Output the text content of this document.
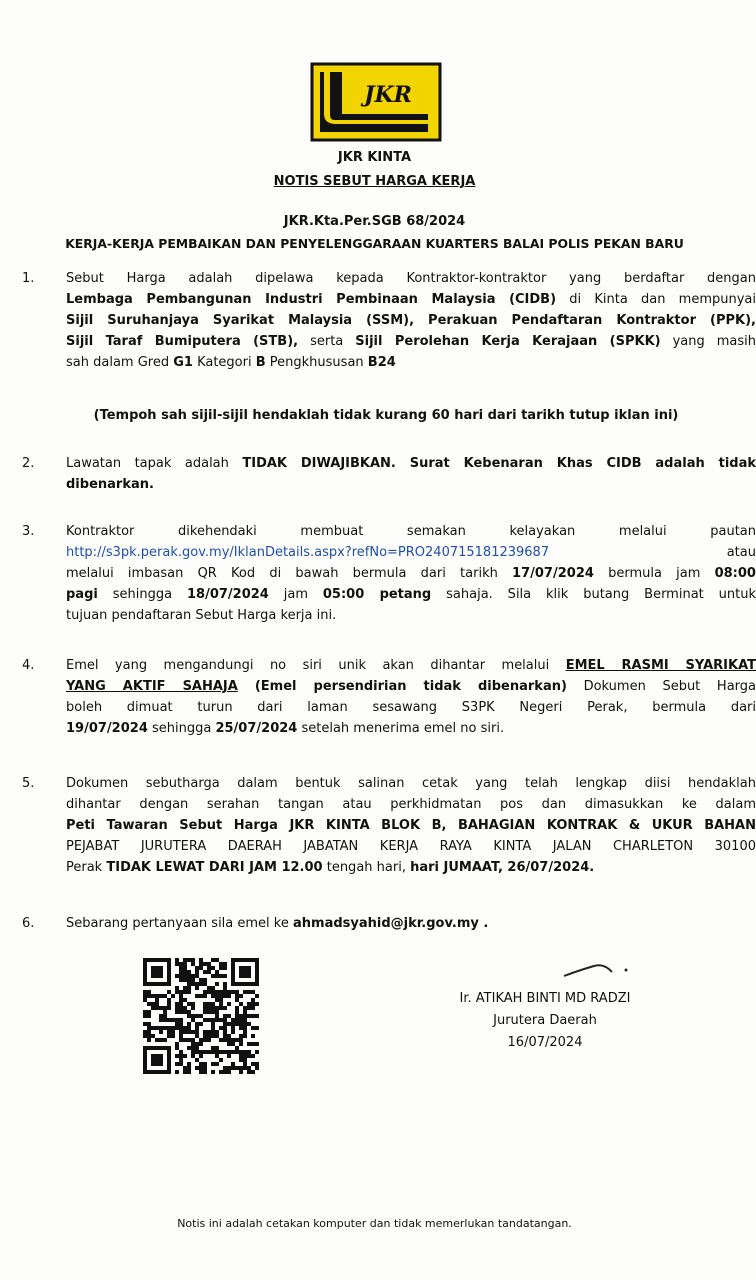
JKR
JKR KINTA
NOTIS SEBUT HARGA KERJA
JKR.Kta.Per.SGB 68/2024
KERJA-KERJA PEMBAIKAN DAN PENYELENGGARAAN KUARTERS BALAI POLIS PEKAN BARU
1.	Sebut Harga adalah dipelawa kepada Kontraktor-kontraktor yang berdaftar dengan
Lembaga Pembangunan Industri Pembinaan Malaysia (CIDB) di Kinta dan mempunyai
Sijil Suruhanjaya Syarikat Malaysia (SSM), Perakuan Pendaftaran Kontraktor (PPK),
Sijil Taraf Bumiputera (STB), serta Sijil Perolehan Kerja Kerajaan (SPKK) yang masih
sah dalam Gred G1 Kategori B Pengkhususan B24
(Tempoh sah sijil-sijil hendaklah tidak kurang 60 hari dari tarikh tutup iklan ini)
2.	Lawatan tapak adalah TIDAK DIWAJIBKAN. Surat Kebenaran Khas CIDB adalah tidak
dibenarkan.
3.	Kontraktor dikehendaki membuat semakan kelayakan melalui pautan
http://s3pk.perak.gov.my/IklanDetails.aspx?refNo=PRO240715181239687	atau
melalui imbasan QR Kod di bawah bermula dari tarikh 17/07/2024 bermula jam 08:00
pagi sehingga 18/07/2024 jam 05:00 petang sahaja. Sila klik butang Berminat untuk
tujuan pendaftaran Sebut Harga kerja ini.
4.	Emel yang mengandungi no siri unik akan dihantar melalui EMEL RASMI SYARIKAT
YANG AKTIF SAHAJA (Emel persendirian tidak dibenarkan) Dokumen Sebut Harga
boleh dimuat turun dari laman sesawang S3PK Negeri Perak, bermula dari
19/07/2024 sehingga 25/07/2024 setelah menerima emel no siri.
5.	Dokumen sebutharga dalam bentuk salinan cetak yang telah lengkap diisi hendaklah
dihantar dengan serahan tangan atau perkhidmatan pos dan dimasukkan ke dalam
Peti Tawaran Sebut Harga JKR KINTA BLOK B, BAHAGIAN KONTRAK & UKUR BAHAN
PEJABAT JURUTERA DAERAH JABATAN KERJA RAYA KINTA JALAN CHARLETON 30100
Perak TIDAK LEWAT DARI JAM 12.00 tengah hari, hari JUMAAT, 26/07/2024.
6.	Sebarang pertanyaan sila emel ke ahmadsyahid@jkr.gov.my .
Ir. ATIKAH BINTI MD RADZI
Jurutera Daerah
16/07/2024
Notis ini adalah cetakan komputer dan tidak memerlukan tandatangan.
